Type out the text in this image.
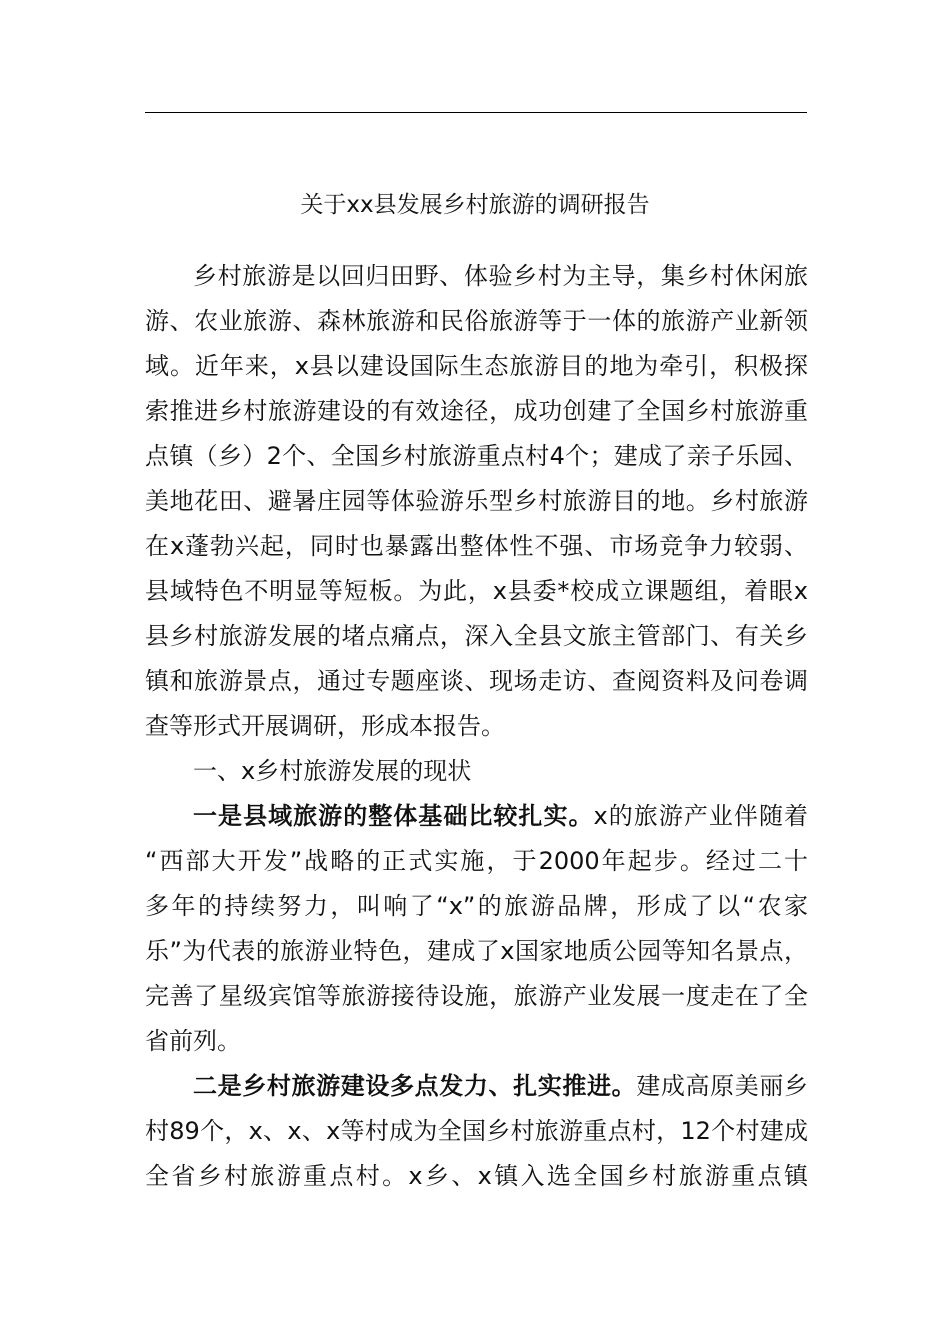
关于xx县发展乡村旅游的调研报告
乡村旅游是以回归田野、体验乡村为主导，集乡村休闲旅
游、农业旅游、森林旅游和民俗旅游等于一体的旅游产业新领
域。近年来，x县以建设国际生态旅游目的地为牵引，积极探
索推进乡村旅游建设的有效途径，成功创建了全国乡村旅游重
点镇（乡）2个、全国乡村旅游重点村4个；建成了亲子乐园、
美地花田、避暑庄园等体验游乐型乡村旅游目的地。乡村旅游
在x蓬勃兴起，同时也暴露出整体性不强、市场竞争力较弱、
县域特色不明显等短板。为此，x县委*校成立课题组，着眼x
县乡村旅游发展的堵点痛点，深入全县文旅主管部门、有关乡
镇和旅游景点，通过专题座谈、现场走访、查阅资料及问卷调
查等形式开展调研，形成本报告。
一、x乡村旅游发展的现状
一是县域旅游的整体基础比较扎实。x的旅游产业伴随着
“西部大开发”战略的正式实施，于2000年起步。经过二十
多年的持续努力，叫响了“x”的旅游品牌，形成了以“农家
乐”为代表的旅游业特色，建成了x国家地质公园等知名景点，
完善了星级宾馆等旅游接待设施，旅游产业发展一度走在了全
省前列。
二是乡村旅游建设多点发力、扎实推进。建成高原美丽乡
村89个，x、x、x等村成为全国乡村旅游重点村，12个村建成
全省乡村旅游重点村。x乡、x镇入选全国乡村旅游重点镇
